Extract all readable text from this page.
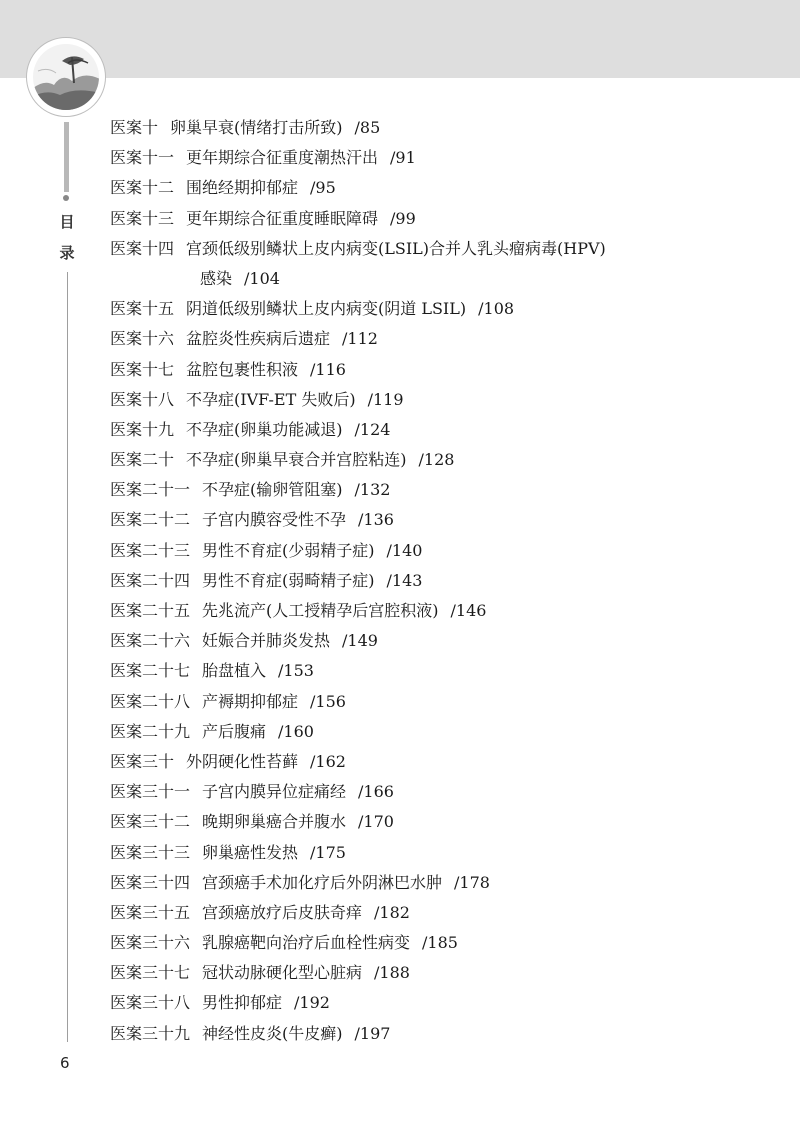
目
录
医案十 卵巢早衰(情绪打击所致) /85
医案十一 更年期综合征重度潮热汗出 /91
医案十二 围绝经期抑郁症 /95
医案十三 更年期综合征重度睡眠障碍 /99
医案十四 宫颈低级别鳞状上皮内病变(LSIL)合并人乳头瘤病毒(HPV)
感染 /104
医案十五 阴道低级别鳞状上皮内病变(阴道 LSIL) /108
医案十六 盆腔炎性疾病后遗症 /112
医案十七 盆腔包裹性积液 /116
医案十八 不孕症(IVF-ET 失败后) /119
医案十九 不孕症(卵巢功能减退) /124
医案二十 不孕症(卵巢早衰合并宫腔粘连) /128
医案二十一 不孕症(输卵管阻塞) /132
医案二十二 子宫内膜容受性不孕 /136
医案二十三 男性不育症(少弱精子症) /140
医案二十四 男性不育症(弱畸精子症) /143
医案二十五 先兆流产(人工授精孕后宫腔积液) /146
医案二十六 妊娠合并肺炎发热 /149
医案二十七 胎盘植入 /153
医案二十八 产褥期抑郁症 /156
医案二十九 产后腹痛 /160
医案三十 外阴硬化性苔藓 /162
医案三十一 子宫内膜异位症痛经 /166
医案三十二 晚期卵巢癌合并腹水 /170
医案三十三 卵巢癌性发热 /175
医案三十四 宫颈癌手术加化疗后外阴淋巴水肿 /178
医案三十五 宫颈癌放疗后皮肤奇痒 /182
医案三十六 乳腺癌靶向治疗后血栓性病变 /185
医案三十七 冠状动脉硬化型心脏病 /188
医案三十八 男性抑郁症 /192
医案三十九 神经性皮炎(牛皮癣) /197
6
